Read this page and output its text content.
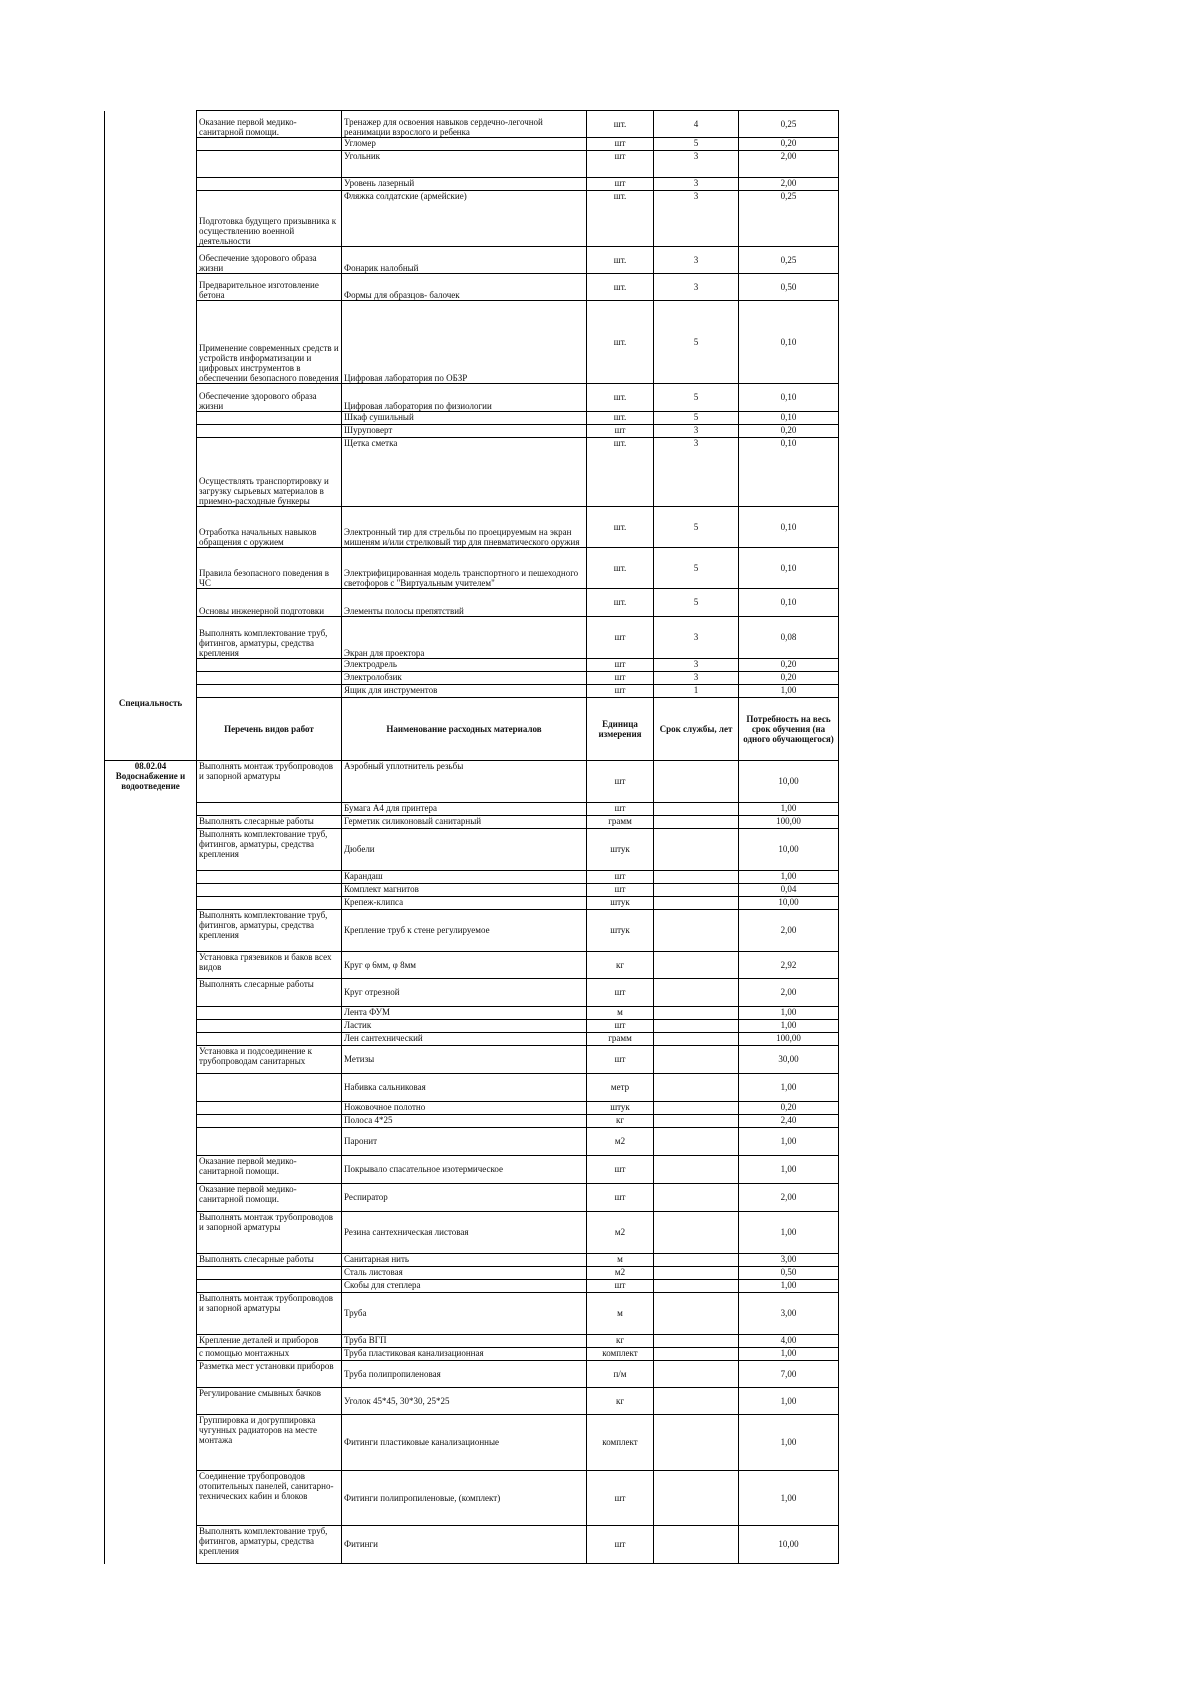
	Оказание первой медико-санитарной помощи.	Тренажер для освоения навыков сердечно-легочной реанимации взрослого и ребенка	шт.	4	0,25
		Угломер	шт	5	0,20
		Угольник	шт	3	2,00
		Уровень лазерный	шт	3	2,00
	Подготовка будущего призывника к осуществлению военной деятельности	Фляжка солдатские (армейские)	шт.	3	0,25
	Обеспечение здорового образа жизни	Фонарик налобный	шт.	3	0,25
	Предварительное изготовление бетона	Формы для образцов- балочек	шт.	3	0,50
	Применение современных средств и устройств информатизации и цифровых инструментов в обеспечении безопасного поведения	Цифровая лаборатория по ОБЗР	шт.	5	0,10
	Обеспечение здорового образа жизни	Цифровая лаборатория по физиологии	шт.	5	0,10
		Шкаф сушильный	шт.	5	0,10
		Шуруповерт	шт	3	0,20
	Осуществлять транспортировку и загрузку сырьевых материалов в приемно-расходные бункеры	Щетка сметка	шт.	3	0,10
	Отработка начальных навыков обращения с оружием	Электронный тир для стрельбы по проецируемым на экран мишеням и/или стрелковый тир для пневматического оружия	шт.	5	0,10
	Правила безопасного поведения в ЧС	Электрифицированная модель транспортного и пешеходного светофоров с "Виртуальным учителем"	шт.	5	0,10
	Основы инженерной подготовки	Элементы полосы препятствий	шт.	5	0,10
	Выполнять комплектование труб, фитингов, арматуры, средства крепления	Экран для проектора	шт	3	0,08
		Электродрель	шт	3	0,20
		Электролобзик	шт	3	0,20
		Ящик для инструментов	шт	1	1,00
Специальность	Перечень видов работ	Наименование расходных материалов	Единица измерения	Срок службы, лет	Потребность на весь срок обучения (на одного обучающегося)
08.02.04 Водоснабжение и водоотведение	Выполнять монтаж трубопроводов и запорной арматуры	Аэробный уплотнитель резьбы	шт		10,00
		Бумага А4 для принтера	шт		1,00
	Выполнять слесарные работы	Герметик силиконовый санитарный	грамм		100,00
	Выполнять комплектование труб, фитингов, арматуры, средства крепления	Дюбели	штук		10,00
		Карандаш	шт		1,00
		Комплект магнитов	шт		0,04
		Крепеж-клипса	штук		10,00
	Выполнять комплектование труб, фитингов, арматуры, средства крепления	Крепление труб к стене регулируемое	штук		2,00
	Установка грязевиков и баков всех видов	Круг φ 6мм, φ 8мм	кг		2,92
	Выполнять слесарные работы	Круг отрезной	шт		2,00
		Лента ФУМ	м		1,00
		Ластик	шт		1,00
		Лен сантехнический	грамм		100,00
	Установка и подсоединение к трубопроводам санитарных	Метизы	шт		30,00
		Набивка сальниковая	метр		1,00
		Ножовочное полотно	штук		0,20
		Полоса 4*25	кг		2,40
		Паронит	м2		1,00
	Оказание первой медико-санитарной помощи.	Покрывало спасательное изотермическое	шт		1,00
	Оказание первой медико-санитарной помощи.	Респиратор	шт		2,00
	Выполнять монтаж трубопроводов и запорной арматуры	Резина сантехническая листовая	м2		1,00
	Выполнять слесарные работы	Санитарная нить	м		3,00
		Сталь листовая	м2		0,50
		Скобы для степлера	шт		1,00
	Выполнять монтаж трубопроводов и запорной арматуры	Труба	м		3,00
	Крепление деталей и приборов	Труба ВГП	кг		4,00
	с помощью монтажных	Труба пластиковая канализационная	комплект		1,00
	Разметка мест установки приборов	Труба полипропиленовая	п/м		7,00
	Регулирование смывных бачков	Уголок 45*45, 30*30, 25*25	кг		1,00
	Группировка и догруппировка чугунных радиаторов на месте монтажа	Фитинги пластиковые канализационные	комплект		1,00
	Соединение трубопроводов отопительных панелей, санитарно-технических кабин и блоков	Фитинги полипропиленовые, (комплект)	шт		1,00
	Выполнять комплектование труб, фитингов, арматуры, средства крепления	Фитинги	шт		10,00
